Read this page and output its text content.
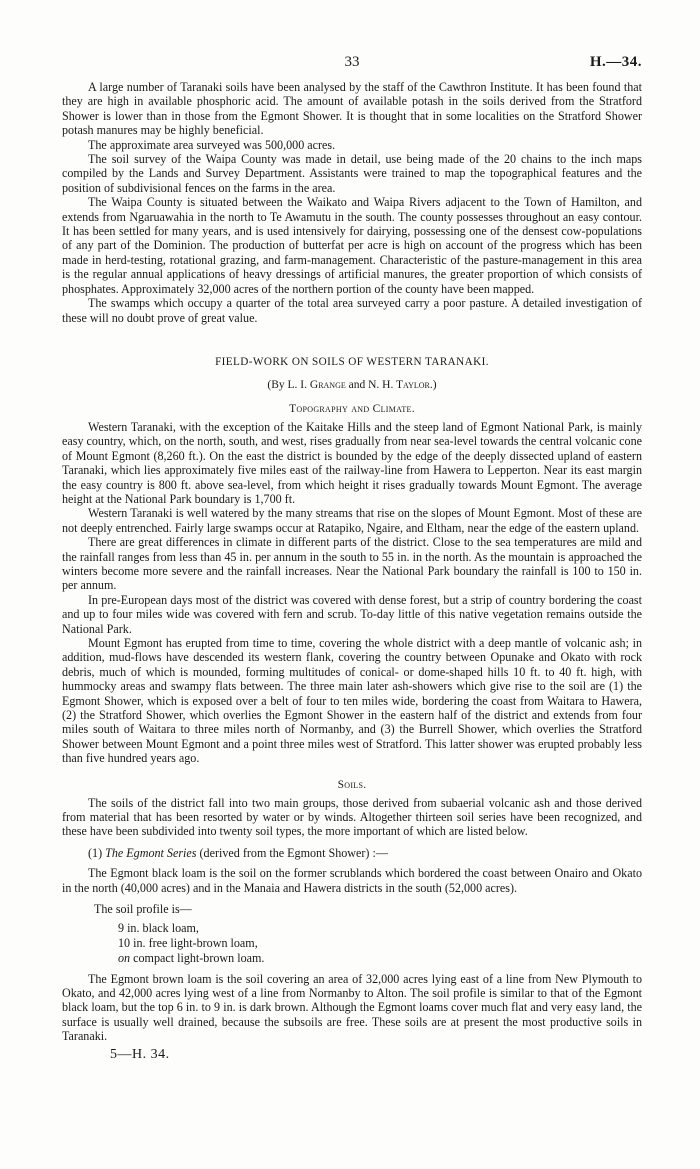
33	H.—34.

A large number of Taranaki soils have been analysed by the staff of the Cawthron Institute. It has been found that they are high in available phosphoric acid. The amount of available potash in the soils derived from the Stratford Shower is lower than in those from the Egmont Shower. It is thought that in some localities on the Stratford Shower potash manures may be highly beneficial.

The approximate area surveyed was 500,000 acres.

The soil survey of the Waipa County was made in detail, use being made of the 20 chains to the inch maps compiled by the Lands and Survey Department. Assistants were trained to map the topographical features and the position of subdivisional fences on the farms in the area.

The Waipa County is situated between the Waikato and Waipa Rivers adjacent to the Town of Hamilton, and extends from Ngaruawahia in the north to Te Awamutu in the south. The county possesses throughout an easy contour. It has been settled for many years, and is used intensively for dairying, possessing one of the densest cow-populations of any part of the Dominion. The production of butterfat per acre is high on account of the progress which has been made in herd-testing, rotational grazing, and farm-management. Characteristic of the pasture-management in this area is the regular annual applications of heavy dressings of artificial manures, the greater proportion of which consists of phosphates. Approximately 32,000 acres of the northern portion of the county have been mapped.

The swamps which occupy a quarter of the total area surveyed carry a poor pasture. A detailed investigation of these will no doubt prove of great value.

FIELD-WORK ON SOILS OF WESTERN TARANAKI.
(By L. I. Grange and N. H. Taylor.)
Topography and Climate.

Western Taranaki, with the exception of the Kaitake Hills and the steep land of Egmont National Park, is mainly easy country, which, on the north, south, and west, rises gradually from near sea-level towards the central volcanic cone of Mount Egmont (8,260 ft.). On the east the district is bounded by the edge of the deeply dissected upland of eastern Taranaki, which lies approximately five miles east of the railway-line from Hawera to Lepperton. Near its east margin the easy country is 800 ft. above sea-level, from which height it rises gradually towards Mount Egmont. The average height at the National Park boundary is 1,700 ft.

Western Taranaki is well watered by the many streams that rise on the slopes of Mount Egmont. Most of these are not deeply entrenched. Fairly large swamps occur at Ratapiko, Ngaire, and Eltham, near the edge of the eastern upland.

There are great differences in climate in different parts of the district. Close to the sea temperatures are mild and the rainfall ranges from less than 45 in. per annum in the south to 55 in. in the north. As the mountain is approached the winters become more severe and the rainfall increases. Near the National Park boundary the rainfall is 100 to 150 in. per annum.

In pre-European days most of the district was covered with dense forest, but a strip of country bordering the coast and up to four miles wide was covered with fern and scrub. To-day little of this native vegetation remains outside the National Park.

Mount Egmont has erupted from time to time, covering the whole district with a deep mantle of volcanic ash; in addition, mud-flows have descended its western flank, covering the country between Opunake and Okato with rock debris, much of which is mounded, forming multitudes of conical- or dome-shaped hills 10 ft. to 40 ft. high, with hummocky areas and swampy flats between. The three main later ash-showers which give rise to the soil are (1) the Egmont Shower, which is exposed over a belt of four to ten miles wide, bordering the coast from Waitara to Hawera, (2) the Stratford Shower, which overlies the Egmont Shower in the eastern half of the district and extends from four miles south of Waitara to three miles north of Normanby, and (3) the Burrell Shower, which overlies the Stratford Shower between Mount Egmont and a point three miles west of Stratford. This latter shower was erupted probably less than five hundred years ago.

Soils.

The soils of the district fall into two main groups, those derived from subaerial volcanic ash and those derived from material that has been resorted by water or by winds. Altogether thirteen soil series have been recognized, and these have been subdivided into twenty soil types, the more important of which are listed below.

(1) The Egmont Series (derived from the Egmont Shower) :—

The Egmont black loam is the soil on the former scrublands which bordered the coast between Onairo and Okato in the north (40,000 acres) and in the Manaia and Hawera districts in the south (52,000 acres).

The soil profile is—

9 in. black loam,
10 in. free light-brown loam,
on compact light-brown loam.

The Egmont brown loam is the soil covering an area of 32,000 acres lying east of a line from New Plymouth to Okato, and 42,000 acres lying west of a line from Normanby to Alton. The soil profile is similar to that of the Egmont black loam, but the top 6 in. to 9 in. is dark brown. Although the Egmont loams cover much flat and very easy land, the surface is usually well drained, because the subsoils are free. These soils are at present the most productive soils in Taranaki.

5—H. 34.
